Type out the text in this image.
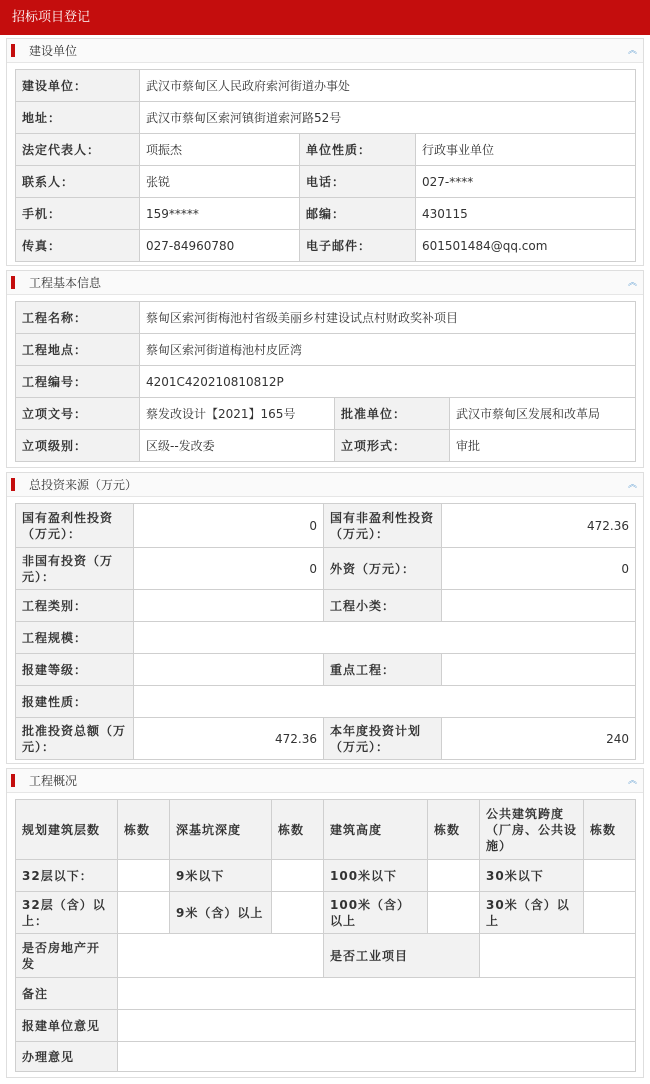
招标项目登记
建设单位	︽
建设单位：	武汉市蔡甸区人民政府索河街道办事处		
地址：	武汉市蔡甸区索河镇街道索河路52号		
法定代表人：	项振杰	单位性质：	行政事业单位
联系人：	张锐	电话：	027-****
手机：	159*****	邮编：	430115
传真：	027-84960780	电子邮件：	601501484@qq.com
工程基本信息	︽
工程名称：	蔡甸区索河街梅池村省级美丽乡村建设试点村财政奖补项目		
工程地点：	蔡甸区索河街道梅池村皮匠湾		
工程编号：	4201C420210810812P		
立项文号：	蔡发改设计【2021】165号	批准单位：	武汉市蔡甸区发展和改革局
立项级别：	区级--发改委	立项形式：	审批
总投资来源（万元）	︽
国有盈利性投资（万元）：	0	国有非盈利性投资（万元）：	472.36
非国有投资（万元）：	0	外资（万元）：	0
工程类别：		工程小类：	
工程规模：			
报建等级：		重点工程：	
报建性质：			
批准投资总额（万元）：	472.36	本年度投资计划（万元）：	240
工程概况	︽
规划建筑层数	栋数	深基坑深度	栋数	建筑高度	栋数	公共建筑跨度（厂房、公共设施）	栋数
32层以下：		9米以下		100米以下		30米以下	
32层（含）以上：		9米（含）以上		100米（含）以上		30米（含）以上	
是否房地产开发				是否工业项目			
备注							
报建单位意见							
办理意见							
